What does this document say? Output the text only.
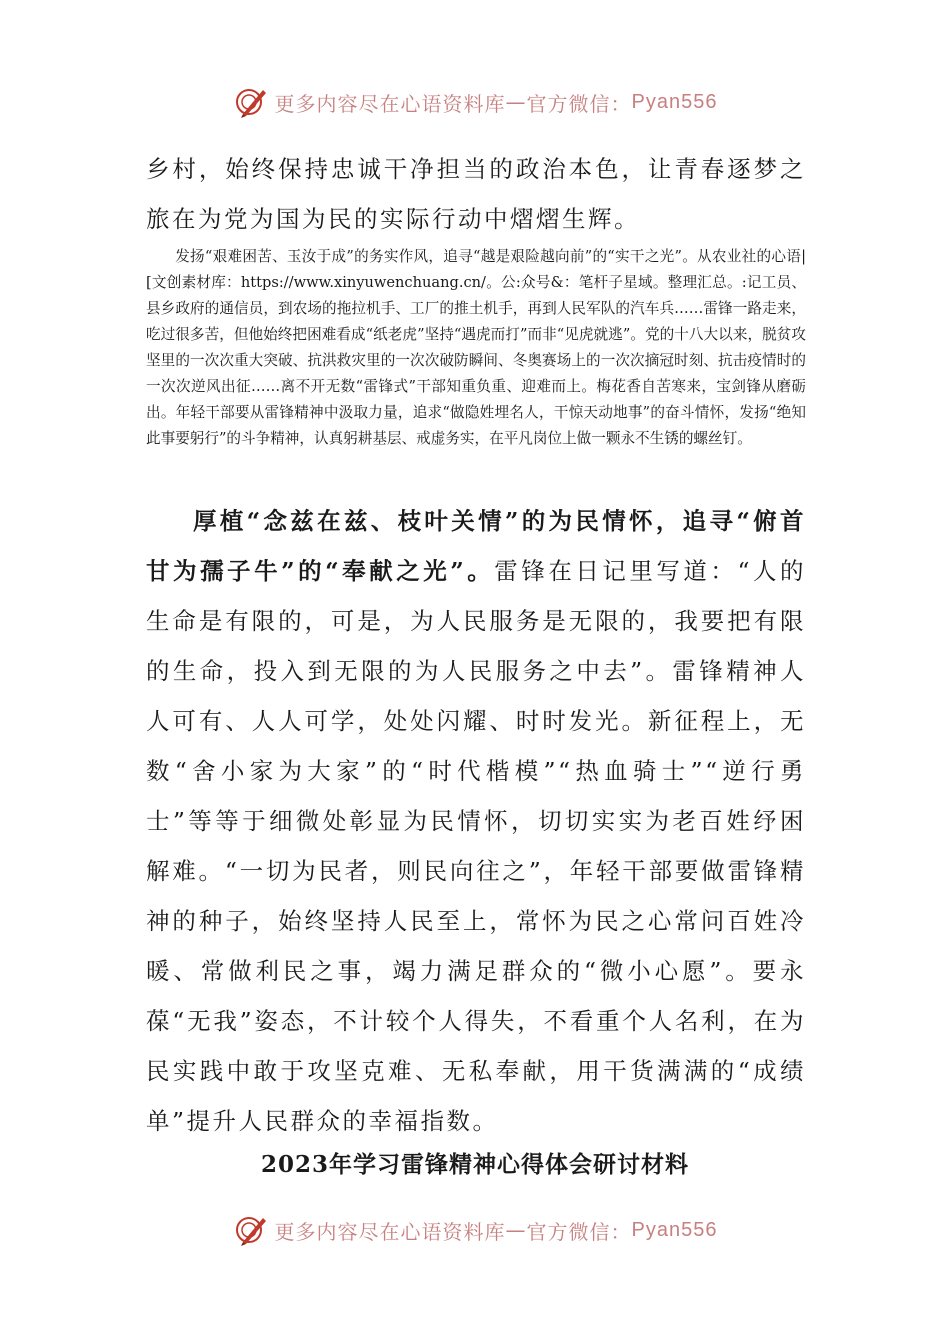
更多内容尽在心语资料库 — 官方微信： Pyan556

乡村，始终保持忠诚干净担当的政治本色，让青春逐梦之旅在为党为国为民的实际行动中熠熠生辉。

发扬“艰难困苦、玉汝于成”的务实作风，追寻“越是艰险越向前”的“实干之光”。从农业社的心语|[文创素材库：https://www.xinyuwenchuang.cn/。公:众号&：笔杆子星域。整理汇总。:记工员、县乡政府的通信员，到农场的拖拉机手、工厂的推土机手，再到人民军队的汽车兵……雷锋一路走来，吃过很多苦，但他始终把困难看成“纸老虎”坚持“遇虎而打”而非“见虎就逃”。党的十八大以来，脱贫攻坚里的一次次重大突破、抗洪救灾里的一次次破防瞬间、冬奥赛场上的一次次摘冠时刻、抗击疫情时的一次次逆风出征……离不开无数“雷锋式”干部知重负重、迎难而上。梅花香自苦寒来，宝剑锋从磨砺出。年轻干部要从雷锋精神中汲取力量，追求“做隐姓埋名人，干惊天动地事”的奋斗情怀，发扬“绝知此事要躬行”的斗争精神，认真躬耕基层、戒虚务实，在平凡岗位上做一颗永不生锈的螺丝钉。

厚植“念兹在兹、枝叶关情”的为民情怀，追寻“俯首甘为孺子牛”的“奉献之光”。雷锋在日记里写道：“人的生命是有限的，可是，为人民服务是无限的，我要把有限的生命，投入到无限的为人民服务之中去”。雷锋精神人人可有、人人可学，处处闪耀、时时发光。新征程上，无数“舍小家为大家”的“时代楷模”“热血骑士”“逆行勇士”等等于细微处彰显为民情怀，切切实实为老百姓纾困解难。“一切为民者，则民向往之”，年轻干部要做雷锋精神的种子，始终坚持人民至上，常怀为民之心常问百姓冷暖、常做利民之事，竭力满足群众的“微小心愿”。要永葆“无我”姿态，不计较个人得失，不看重个人名利，在为民实践中敢于攻坚克难、无私奉献，用干货满满的“成绩单”提升人民群众的幸福指数。

2023年学习雷锋精神心得体会研讨材料
更多内容尽在心语资料库 — 官方微信： Pyan556
